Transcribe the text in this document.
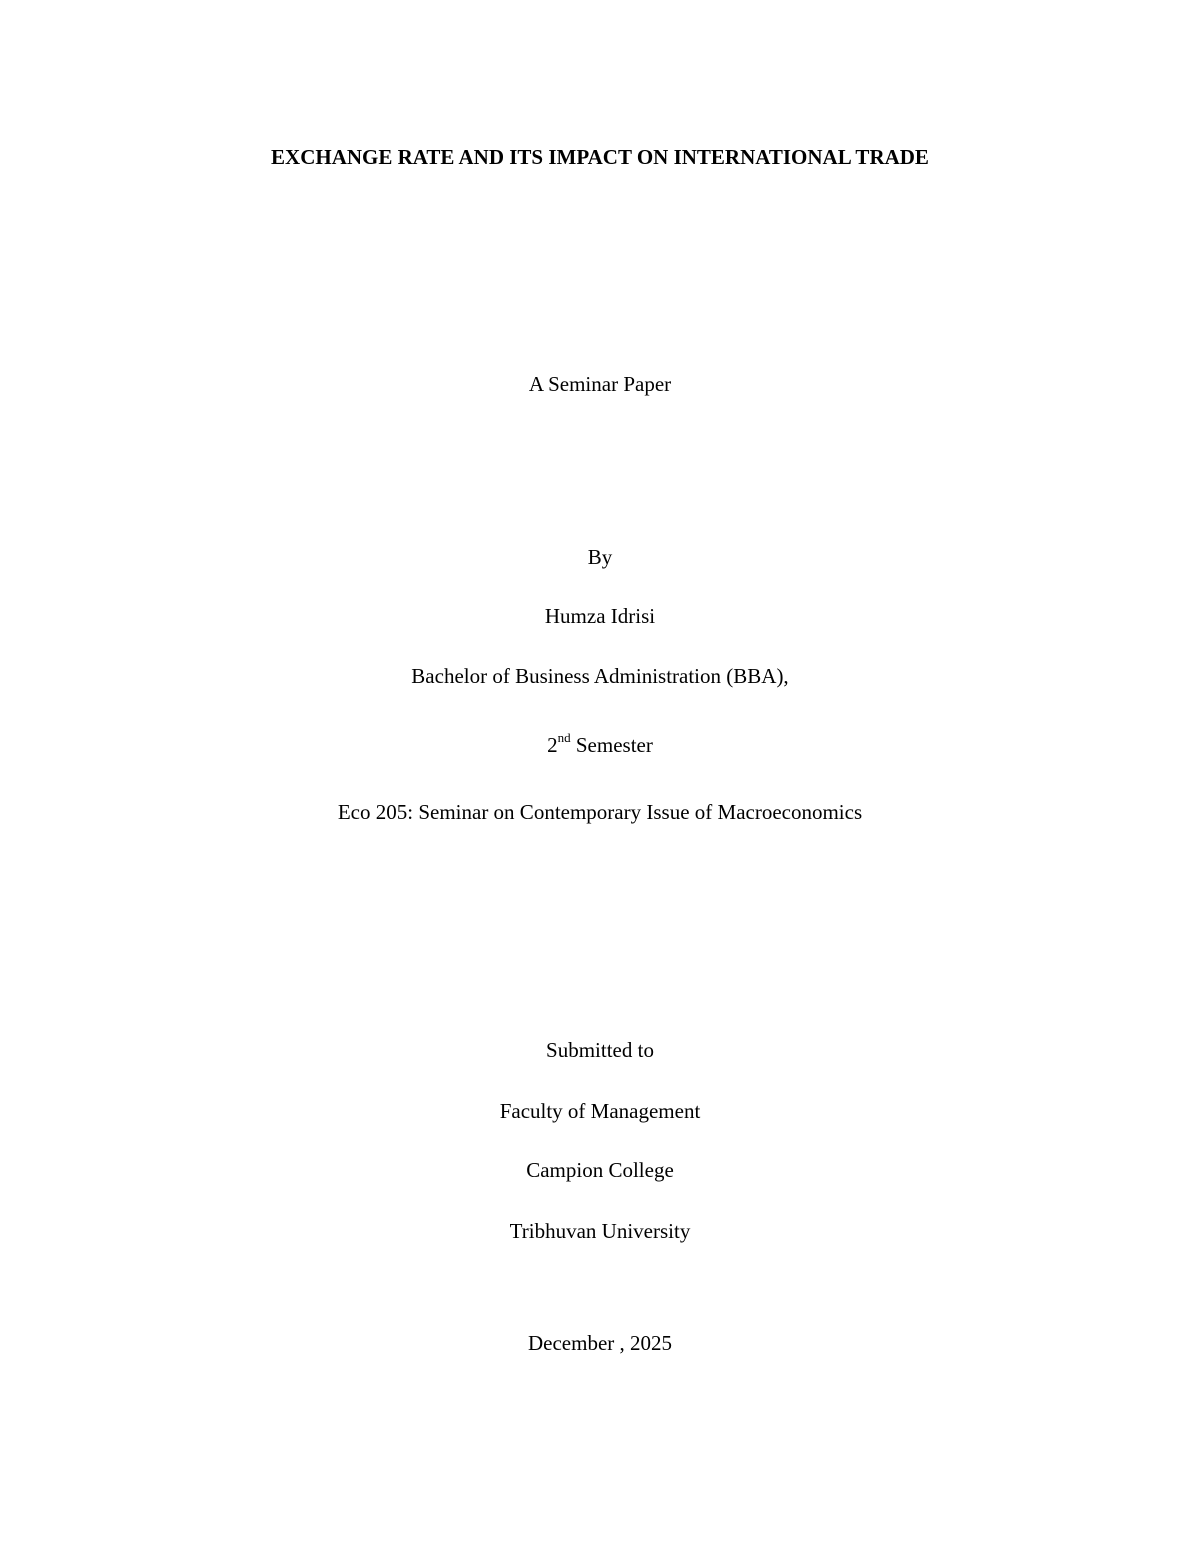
EXCHANGE RATE AND ITS IMPACT ON INTERNATIONAL TRADE
A Seminar Paper
By
Humza Idrisi
Bachelor of Business Administration (BBA),
2nd Semester
Eco 205: Seminar on Contemporary Issue of Macroeconomics
Submitted to
Faculty of Management
Campion College
Tribhuvan University
December , 2025
